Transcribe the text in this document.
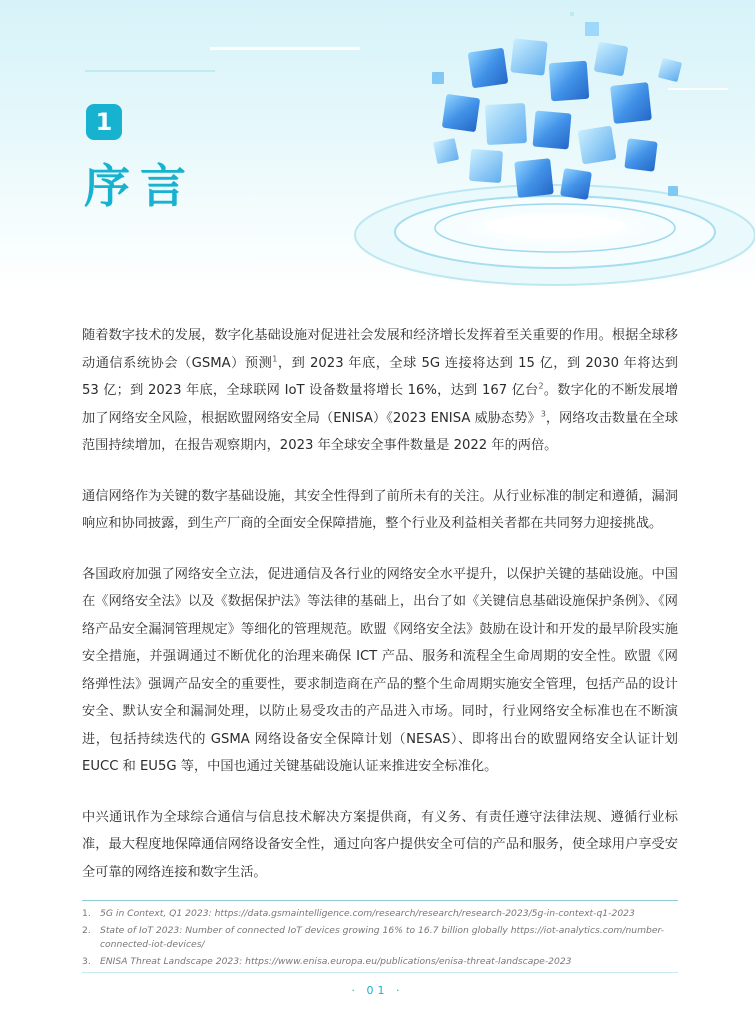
1
序言

随着数字技术的发展，数字化基础设施对促进社会发展和经济增长发挥着至关重要的作用。根据全球移动通信系统协会（GSMA）预测$^1$，到 2023 年底，全球 5G 连接将达到 15 亿，到 2030 年将达到 53 亿；到 2023 年底，全球联网 IoT 设备数量将增长 16%，达到 167 亿台$^2$。数字化的不断发展增加了网络安全风险，根据欧盟网络安全局（ENISA）《2023 ENISA 威胁态势》$^3$，网络攻击数量在全球范围持续增加，在报告观察期内，2023 年全球安全事件数量是 2022 年的两倍。

通信网络作为关键的数字基础设施，其安全性得到了前所未有的关注。从行业标准的制定和遵循，漏洞响应和协同披露，到生产厂商的全面安全保障措施，整个行业及利益相关者都在共同努力迎接挑战。

各国政府加强了网络安全立法，促进通信及各行业的网络安全水平提升，以保护关键的基础设施。中国在《网络安全法》以及《数据保护法》等法律的基础上，出台了如《关键信息基础设施保护条例》、《网络产品安全漏洞管理规定》等细化的管理规范。欧盟《网络安全法》鼓励在设计和开发的最早阶段实施安全措施，并强调通过不断优化的治理来确保 ICT 产品、服务和流程全生命周期的安全性。欧盟《网络弹性法》强调产品安全的重要性，要求制造商在产品的整个生命周期实施安全管理，包括产品的设计安全、默认安全和漏洞处理，以防止易受攻击的产品进入市场。同时，行业网络安全标准也在不断演进，包括持续迭代的 GSMA 网络设备安全保障计划（NESAS）、即将出台的欧盟网络安全认证计划 EUCC 和 EU5G 等，中国也通过关键基础设施认证来推进安全标准化。

中兴通讯作为全球综合通信与信息技术解决方案提供商，有义务、有责任遵守法律法规、遵循行业标准，最大程度地保障通信网络设备安全性，通过向客户提供安全可信的产品和服务，使全球用户享受安全可靠的网络连接和数字生活。

1.	5G in Context, Q1 2023: https://data.gsmaintelligence.com/research/research/research-2023/5g-in-context-q1-2023
2.	State of IoT 2023: Number of connected IoT devices growing 16% to 16.7 billion globally https://iot-analytics.com/number-connected-iot-devices/
3.	ENISA Threat Landscape 2023: https://www.enisa.europa.eu/publications/enisa-threat-landscape-2023
· 01 ·
